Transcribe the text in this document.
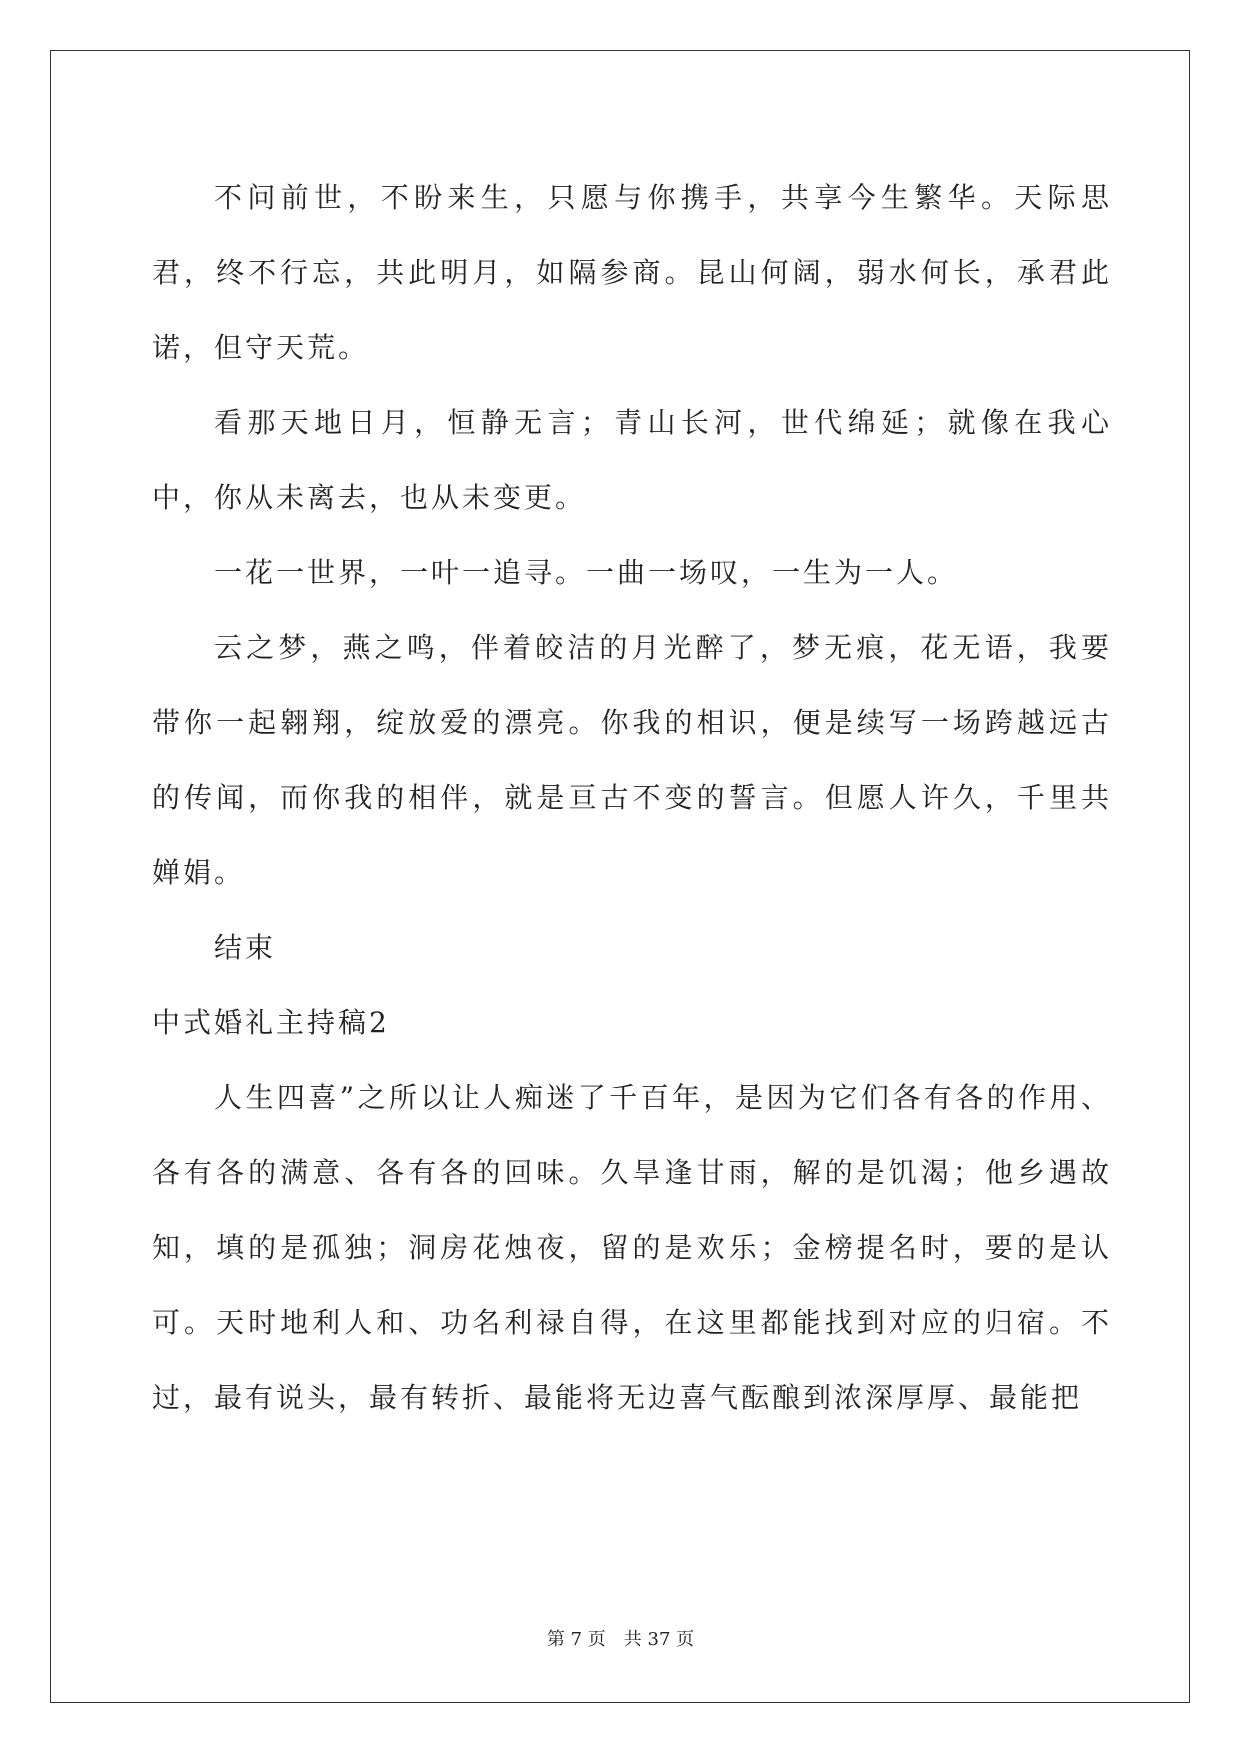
不问前世，不盼来生，只愿与你携手，共享今生繁华。天际思君，终不行忘，共此明月，如隔参商。昆山何阔，弱水何长，承君此诺，但守天荒。

看那天地日月，恒静无言；青山长河，世代绵延；就像在我心中，你从未离去，也从未变更。

一花一世界，一叶一追寻。一曲一场叹，一生为一人。

云之梦，燕之鸣，伴着皎洁的月光醉了，梦无痕，花无语，我要带你一起翱翔，绽放爱的漂亮。你我的相识，便是续写一场跨越远古的传闻，而你我的相伴，就是亘古不变的誓言。但愿人许久，千里共婵娟。

结束

中式婚礼主持稿2

人生四喜”之所以让人痴迷了千百年，是因为它们各有各的作用、各有各的满意、各有各的回味。久旱逢甘雨，解的是饥渴；他乡遇故知，填的是孤独；洞房花烛夜，留的是欢乐；金榜提名时，要的是认可。天时地利人和、功名利禄自得，在这里都能找到对应的归宿。不过，最有说头，最有转折、最能将无边喜气酝酿到浓深厚厚、最能把

第 7 页　共 37 页
